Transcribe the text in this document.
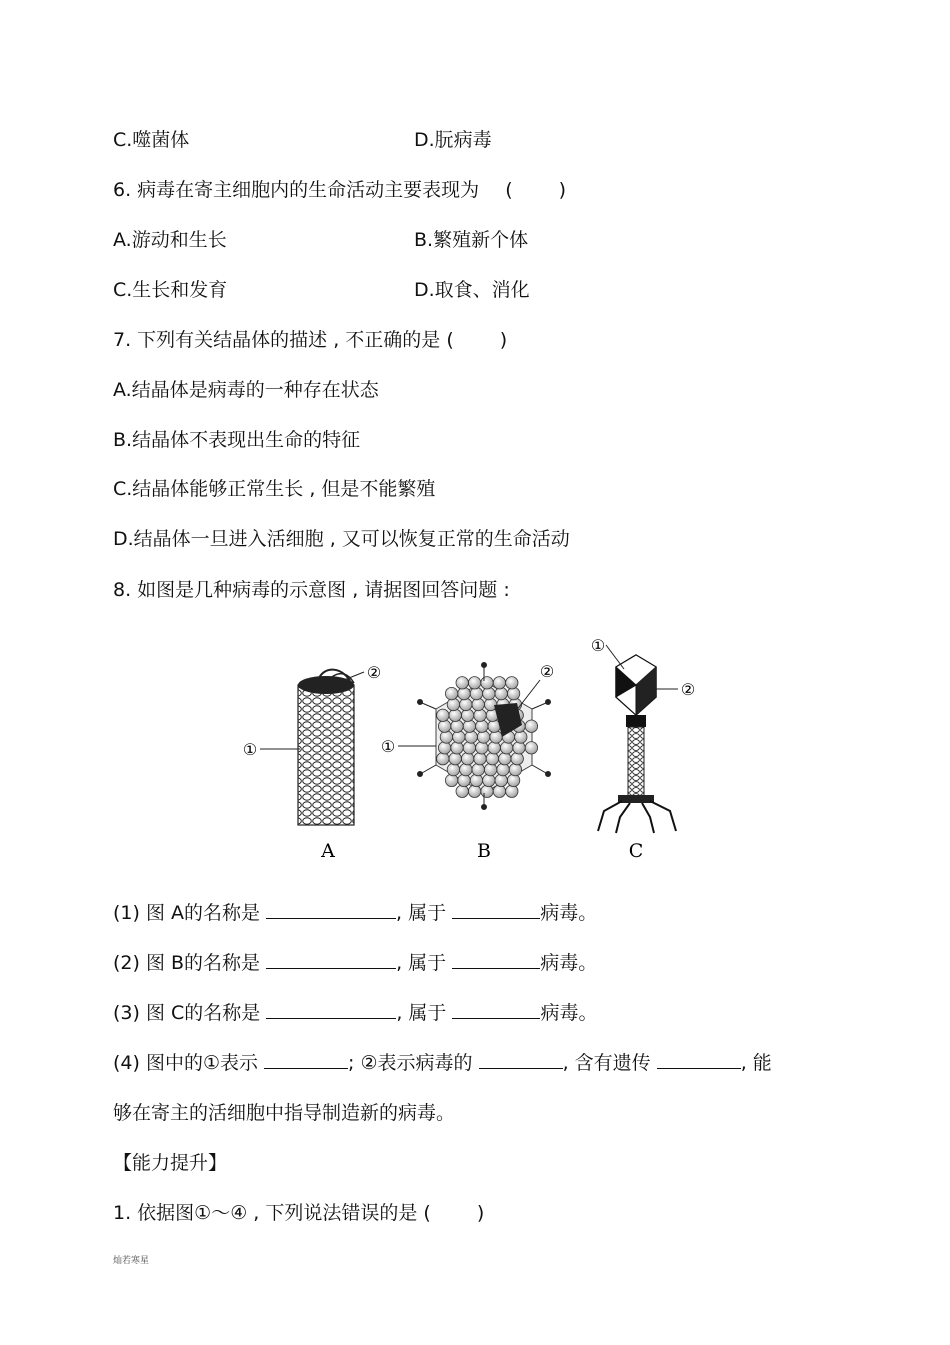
C.噬菌体	D.朊病毒
6. 病毒在寄主细胞内的生命活动主要表现为 ( )
A.游动和生长	B.繁殖新个体
C.生长和发育	D.取食、消化
7. 下列有关结晶体的描述 , 不正确的是 ( )
A.结晶体是病毒的一种存在状态
B.结晶体不表现出生命的特征
C.结晶体能够正常生长 , 但是不能繁殖
D.结晶体一旦进入活细胞 , 又可以恢复正常的生命活动
8. 如图是几种病毒的示意图 , 请据图回答问题 :
②
①
A
②
①
B
①
②
C
(1) 图 A的名称是	, 属于	病毒。
(2) 图 B的名称是	, 属于	病毒。
(3) 图 C的名称是	, 属于	病毒。
(4) 图中的①表示	; ②表示病毒的	, 含有遗传	, 能
够在寄主的活细胞中指导制造新的病毒。
【能力提升】
1. 依据图①～④ , 下列说法错误的是 ( )
灿若寒星
